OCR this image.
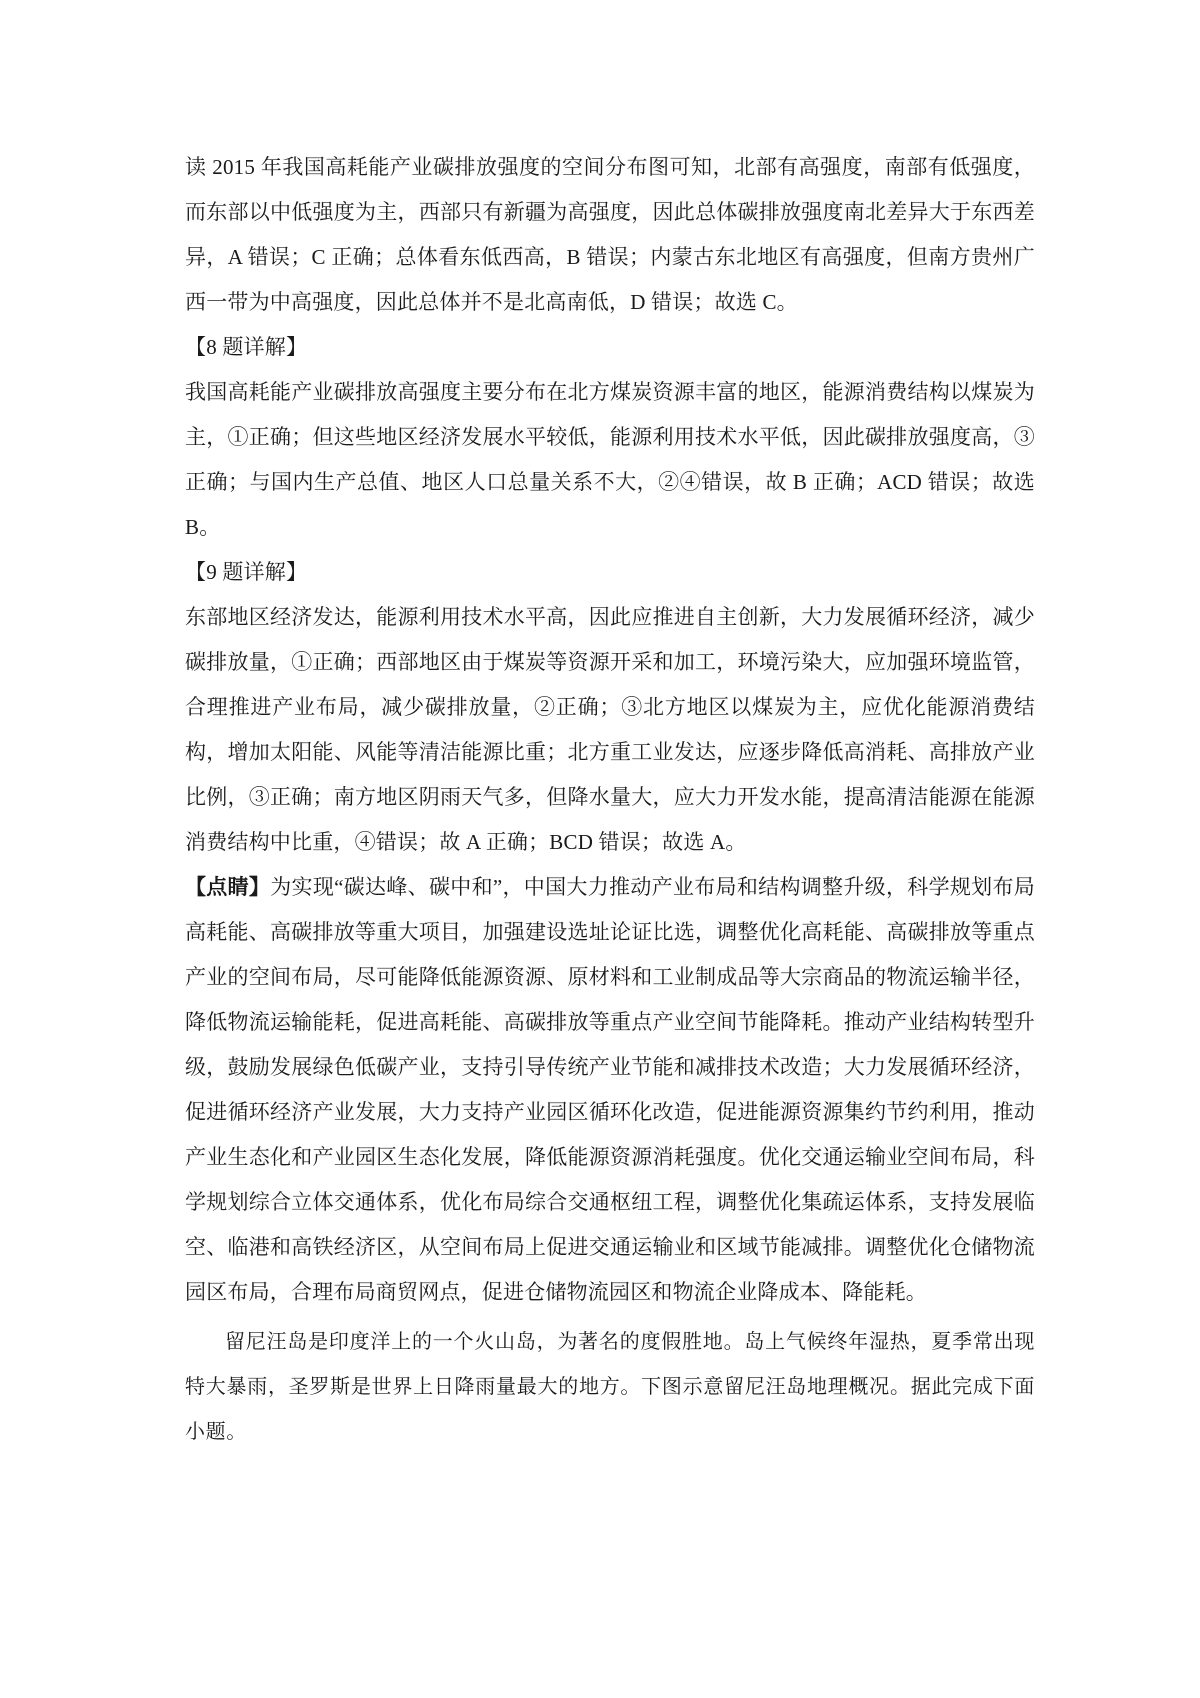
读 2015 年我国高耗能产业碳排放强度的空间分布图可知，北部有高强度，南部有低强度，而东部以中低强度为主，西部只有新疆为高强度，因此总体碳排放强度南北差异大于东西差异，A 错误；C 正确；总体看东低西高，B 错误；内蒙古东北地区有高强度，但南方贵州广西一带为中高强度，因此总体并不是北高南低，D 错误；故选 C。

【8 题详解】

我国高耗能产业碳排放高强度主要分布在北方煤炭资源丰富的地区，能源消费结构以煤炭为主，①正确；但这些地区经济发展水平较低，能源利用技术水平低，因此碳排放强度高，③正确；与国内生产总值、地区人口总量关系不大，②④错误，故 B 正确；ACD 错误；故选 B。

【9 题详解】

东部地区经济发达，能源利用技术水平高，因此应推进自主创新，大力发展循环经济，减少碳排放量，①正确；西部地区由于煤炭等资源开采和加工，环境污染大，应加强环境监管，合理推进产业布局，减少碳排放量，②正确；③北方地区以煤炭为主，应优化能源消费结构，增加太阳能、风能等清洁能源比重；北方重工业发达，应逐步降低高消耗、高排放产业比例，③正确；南方地区阴雨天气多，但降水量大，应大力开发水能，提高清洁能源在能源消费结构中比重，④错误；故 A 正确；BCD 错误；故选 A。

【点睛】为实现“碳达峰、碳中和”，中国大力推动产业布局和结构调整升级，科学规划布局高耗能、高碳排放等重大项目，加强建设选址论证比选，调整优化高耗能、高碳排放等重点产业的空间布局，尽可能降低能源资源、原材料和工业制成品等大宗商品的物流运输半径，降低物流运输能耗，促进高耗能、高碳排放等重点产业空间节能降耗。推动产业结构转型升级，鼓励发展绿色低碳产业，支持引导传统产业节能和减排技术改造；大力发展循环经济，促进循环经济产业发展，大力支持产业园区循环化改造，促进能源资源集约节约利用，推动产业生态化和产业园区生态化发展，降低能源资源消耗强度。优化交通运输业空间布局，科学规划综合立体交通体系，优化布局综合交通枢纽工程，调整优化集疏运体系，支持发展临空、临港和高铁经济区，从空间布局上促进交通运输业和区域节能减排。调整优化仓储物流园区布局，合理布局商贸网点，促进仓储物流园区和物流企业降成本、降能耗。

留尼汪岛是印度洋上的一个火山岛，为著名的度假胜地。岛上气候终年湿热，夏季常出现特大暴雨，圣罗斯是世界上日降雨量最大的地方。下图示意留尼汪岛地理概况。据此完成下面小题。
